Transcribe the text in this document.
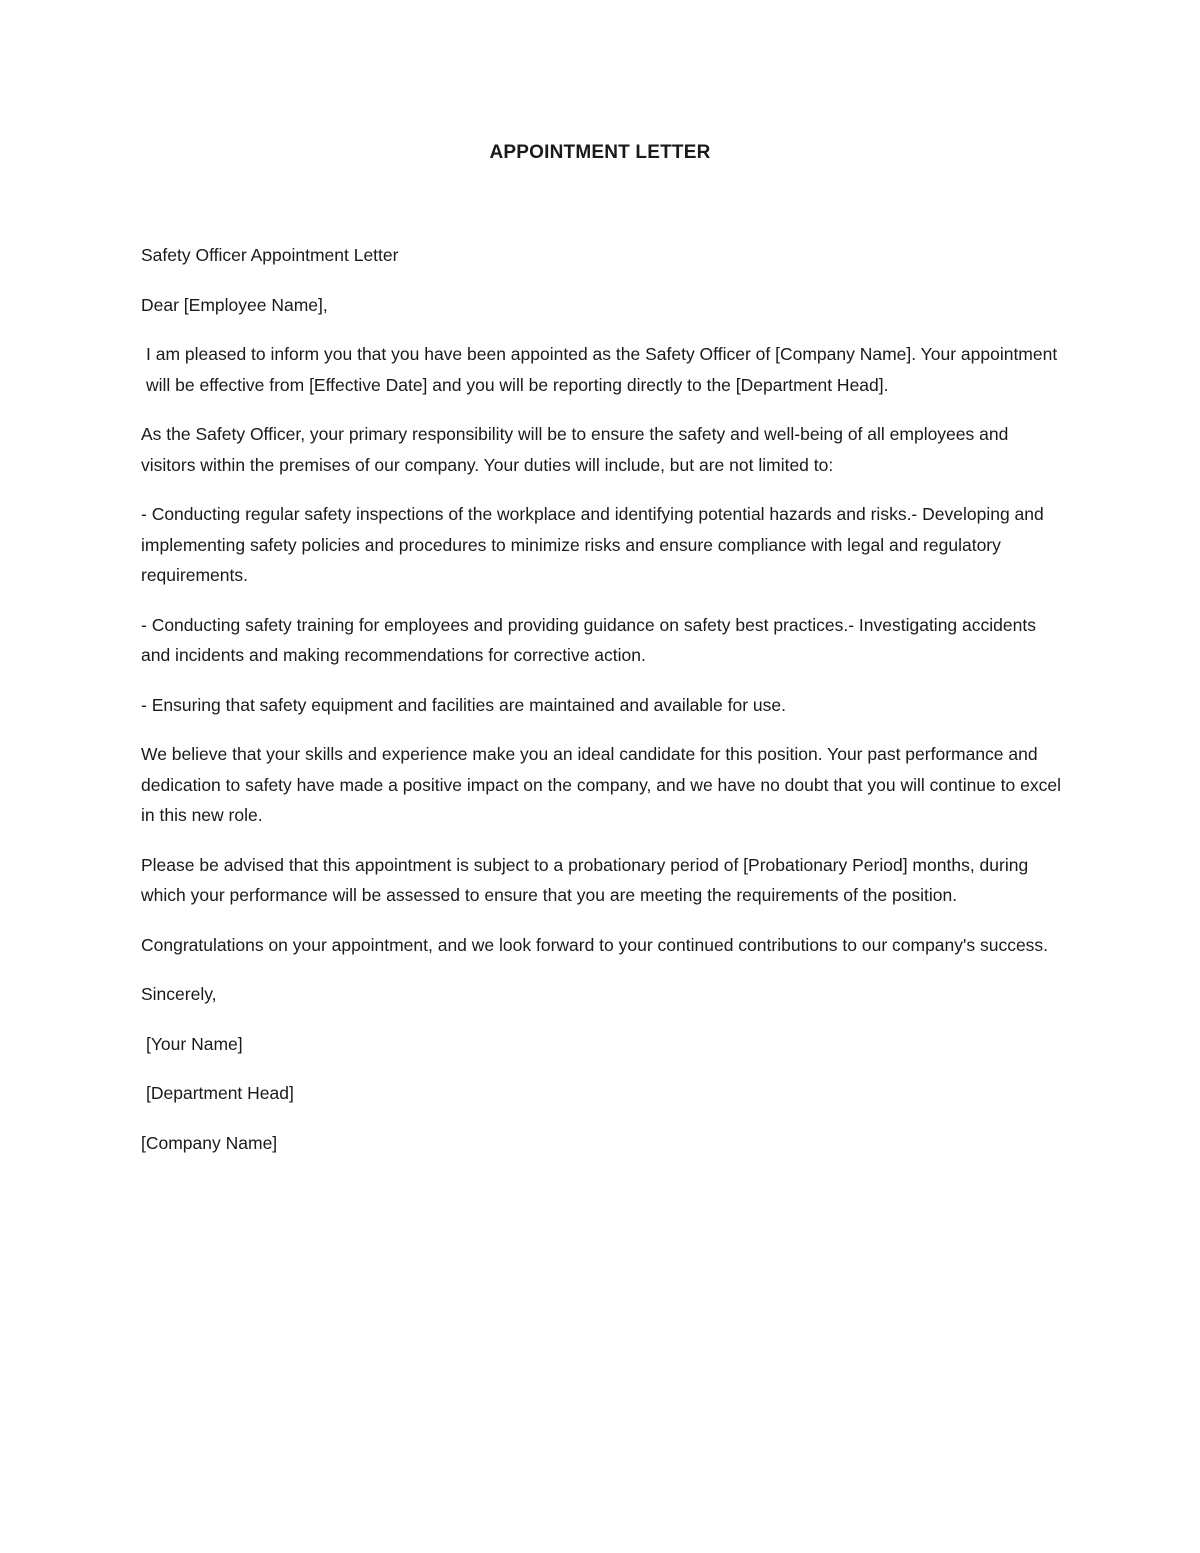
APPOINTMENT LETTER

Safety Officer Appointment Letter

Dear [Employee Name],

I am pleased to inform you that you have been appointed as the Safety Officer of [Company Name]. Your appointment will be effective from [Effective Date] and you will be reporting directly to the [Department Head].

As the Safety Officer, your primary responsibility will be to ensure the safety and well-being of all employees and visitors within the premises of our company. Your duties will include, but are not limited to:

- Conducting regular safety inspections of the workplace and identifying potential hazards and risks.- Developing and implementing safety policies and procedures to minimize risks and ensure compliance with legal and regulatory requirements.

- Conducting safety training for employees and providing guidance on safety best practices.- Investigating accidents and incidents and making recommendations for corrective action.

- Ensuring that safety equipment and facilities are maintained and available for use.

We believe that your skills and experience make you an ideal candidate for this position. Your past performance and dedication to safety have made a positive impact on the company, and we have no doubt that you will continue to excel in this new role.

Please be advised that this appointment is subject to a probationary period of [Probationary Period] months, during which your performance will be assessed to ensure that you are meeting the requirements of the position.

Congratulations on your appointment, and we look forward to your continued contributions to our company's success.

Sincerely,

[Your Name]

[Department Head]

[Company Name]
